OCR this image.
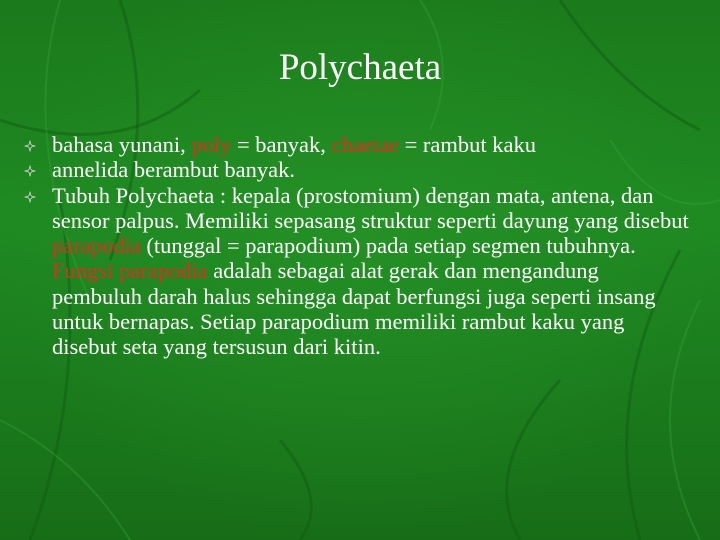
Polychaeta

bahasa yunani, poly = banyak, chaetae = rambut kaku

annelida berambut banyak.

Tubuh Polychaeta : kepala (prostomium) dengan mata, antena, dan sensor palpus. Memiliki sepasang struktur seperti dayung yang disebut parapodia (tunggal = parapodium) pada setiap segmen tubuhnya.

Fungsi parapodia adalah sebagai alat gerak dan mengandung pembuluh darah halus sehingga dapat berfungsi juga seperti insang untuk bernapas. Setiap parapodium memiliki rambut kaku yang disebut seta yang tersusun dari kitin.
